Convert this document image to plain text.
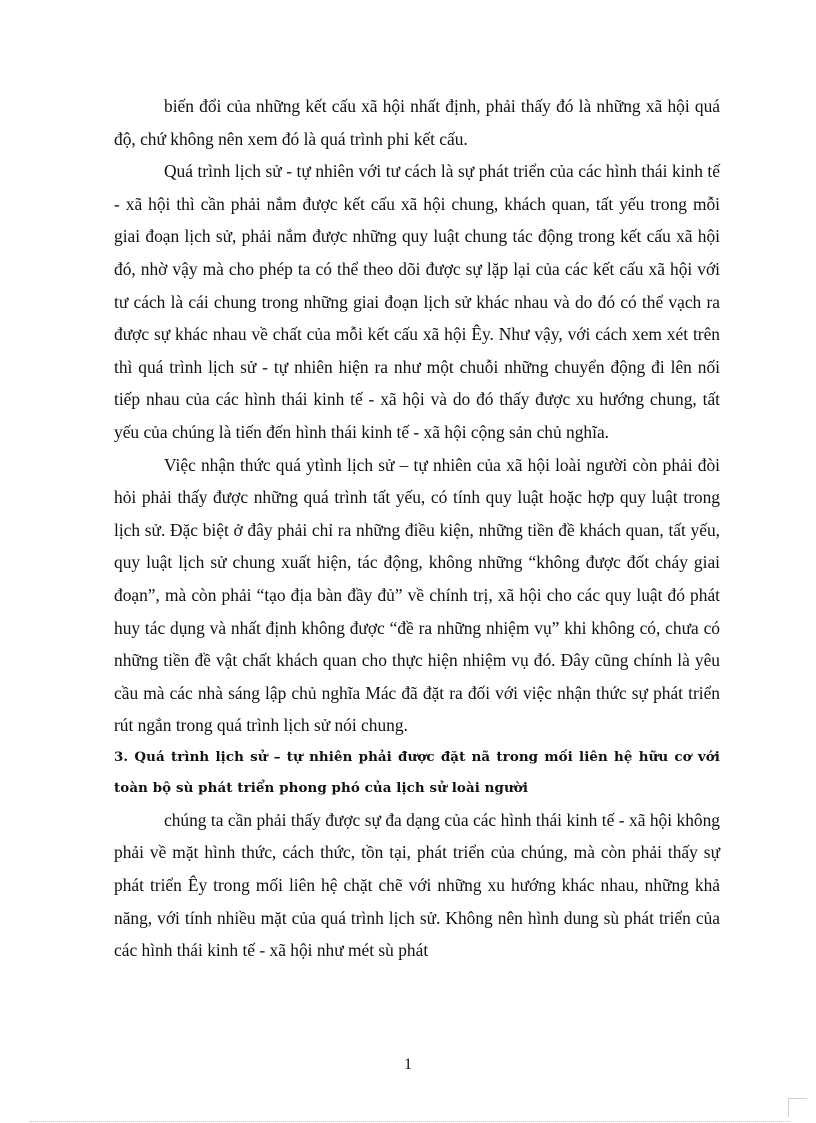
biến đổi của những kết cấu xã hội nhất định, phải thấy đó là những xã hội quá độ, chứ không nên xem đó là quá trình phi kết cấu.

Quá trình lịch sử - tự nhiên với tư cách là sự phát triển của các hình thái kinh tế - xã hội thì cần phải nắm được kết cấu xã hội chung, khách quan, tất yếu trong mỗi giai đoạn lịch sử, phải nắm được những quy luật chung tác động trong kết cấu xã hội đó, nhờ vậy mà cho phép ta có thể theo dõi được sự lặp lại của các kết cấu xã hội với tư cách là cái chung trong những giai đoạn lịch sử khác nhau và do đó có thể vạch ra được sự khác nhau về chất của mỗi kết cấu xã hội Êy. Như vậy, với cách xem xét trên thì quá trình lịch sử - tự nhiên hiện ra như một chuỗi những chuyển động đi lên nối tiếp nhau của các hình thái kinh tế - xã hội và do đó thấy được xu hướng chung, tất yếu của chúng là tiến đến hình thái kinh tế - xã hội cộng sản chủ nghĩa.

Việc nhận thức quá ytình lịch sử – tự nhiên của xã hội loài người còn phải đòi hỏi phải thấy được những quá trình tất yếu, có tính quy luật hoặc hợp quy luật trong lịch sử. Đặc biệt ở đây phải chỉ ra những điều kiện, những tiền đề khách quan, tất yếu, quy luật lịch sử chung xuất hiện, tác động, không những “không được đốt cháy giai đoạn”, mà còn phải “tạo địa bàn đầy đủ” về chính trị, xã hội cho các quy luật đó phát huy tác dụng và nhất định không được “đề ra những nhiệm vụ” khi không có, chưa có những tiền đề vật chất khách quan cho thực hiện nhiệm vụ đó. Đây cũng chính là yêu cầu mà các nhà sáng lập chủ nghĩa Mác đã đặt ra đối với việc nhận thức sự phát triển rút ngắn trong quá trình lịch sử nói chung.

3. Quá trình lịch sử – tự nhiên phải được đặt nã trong mối liên hệ hữu cơ với toàn bộ sù phát triển phong phó của lịch sử loài người

chúng ta cần phải thấy được sự đa dạng của các hình thái kinh tế - xã hội không phải về mặt hình thức, cách thức, tồn tại, phát triển của chúng, mà còn phải thấy sự phát triển Êy trong mối liên hệ chặt chẽ với những xu hướng khác nhau, những khả năng, với tính nhiều mặt của quá trình lịch sử. Không nên hình dung sù phát triển của các hình thái kinh tế - xã hội như mét sù phát

1
